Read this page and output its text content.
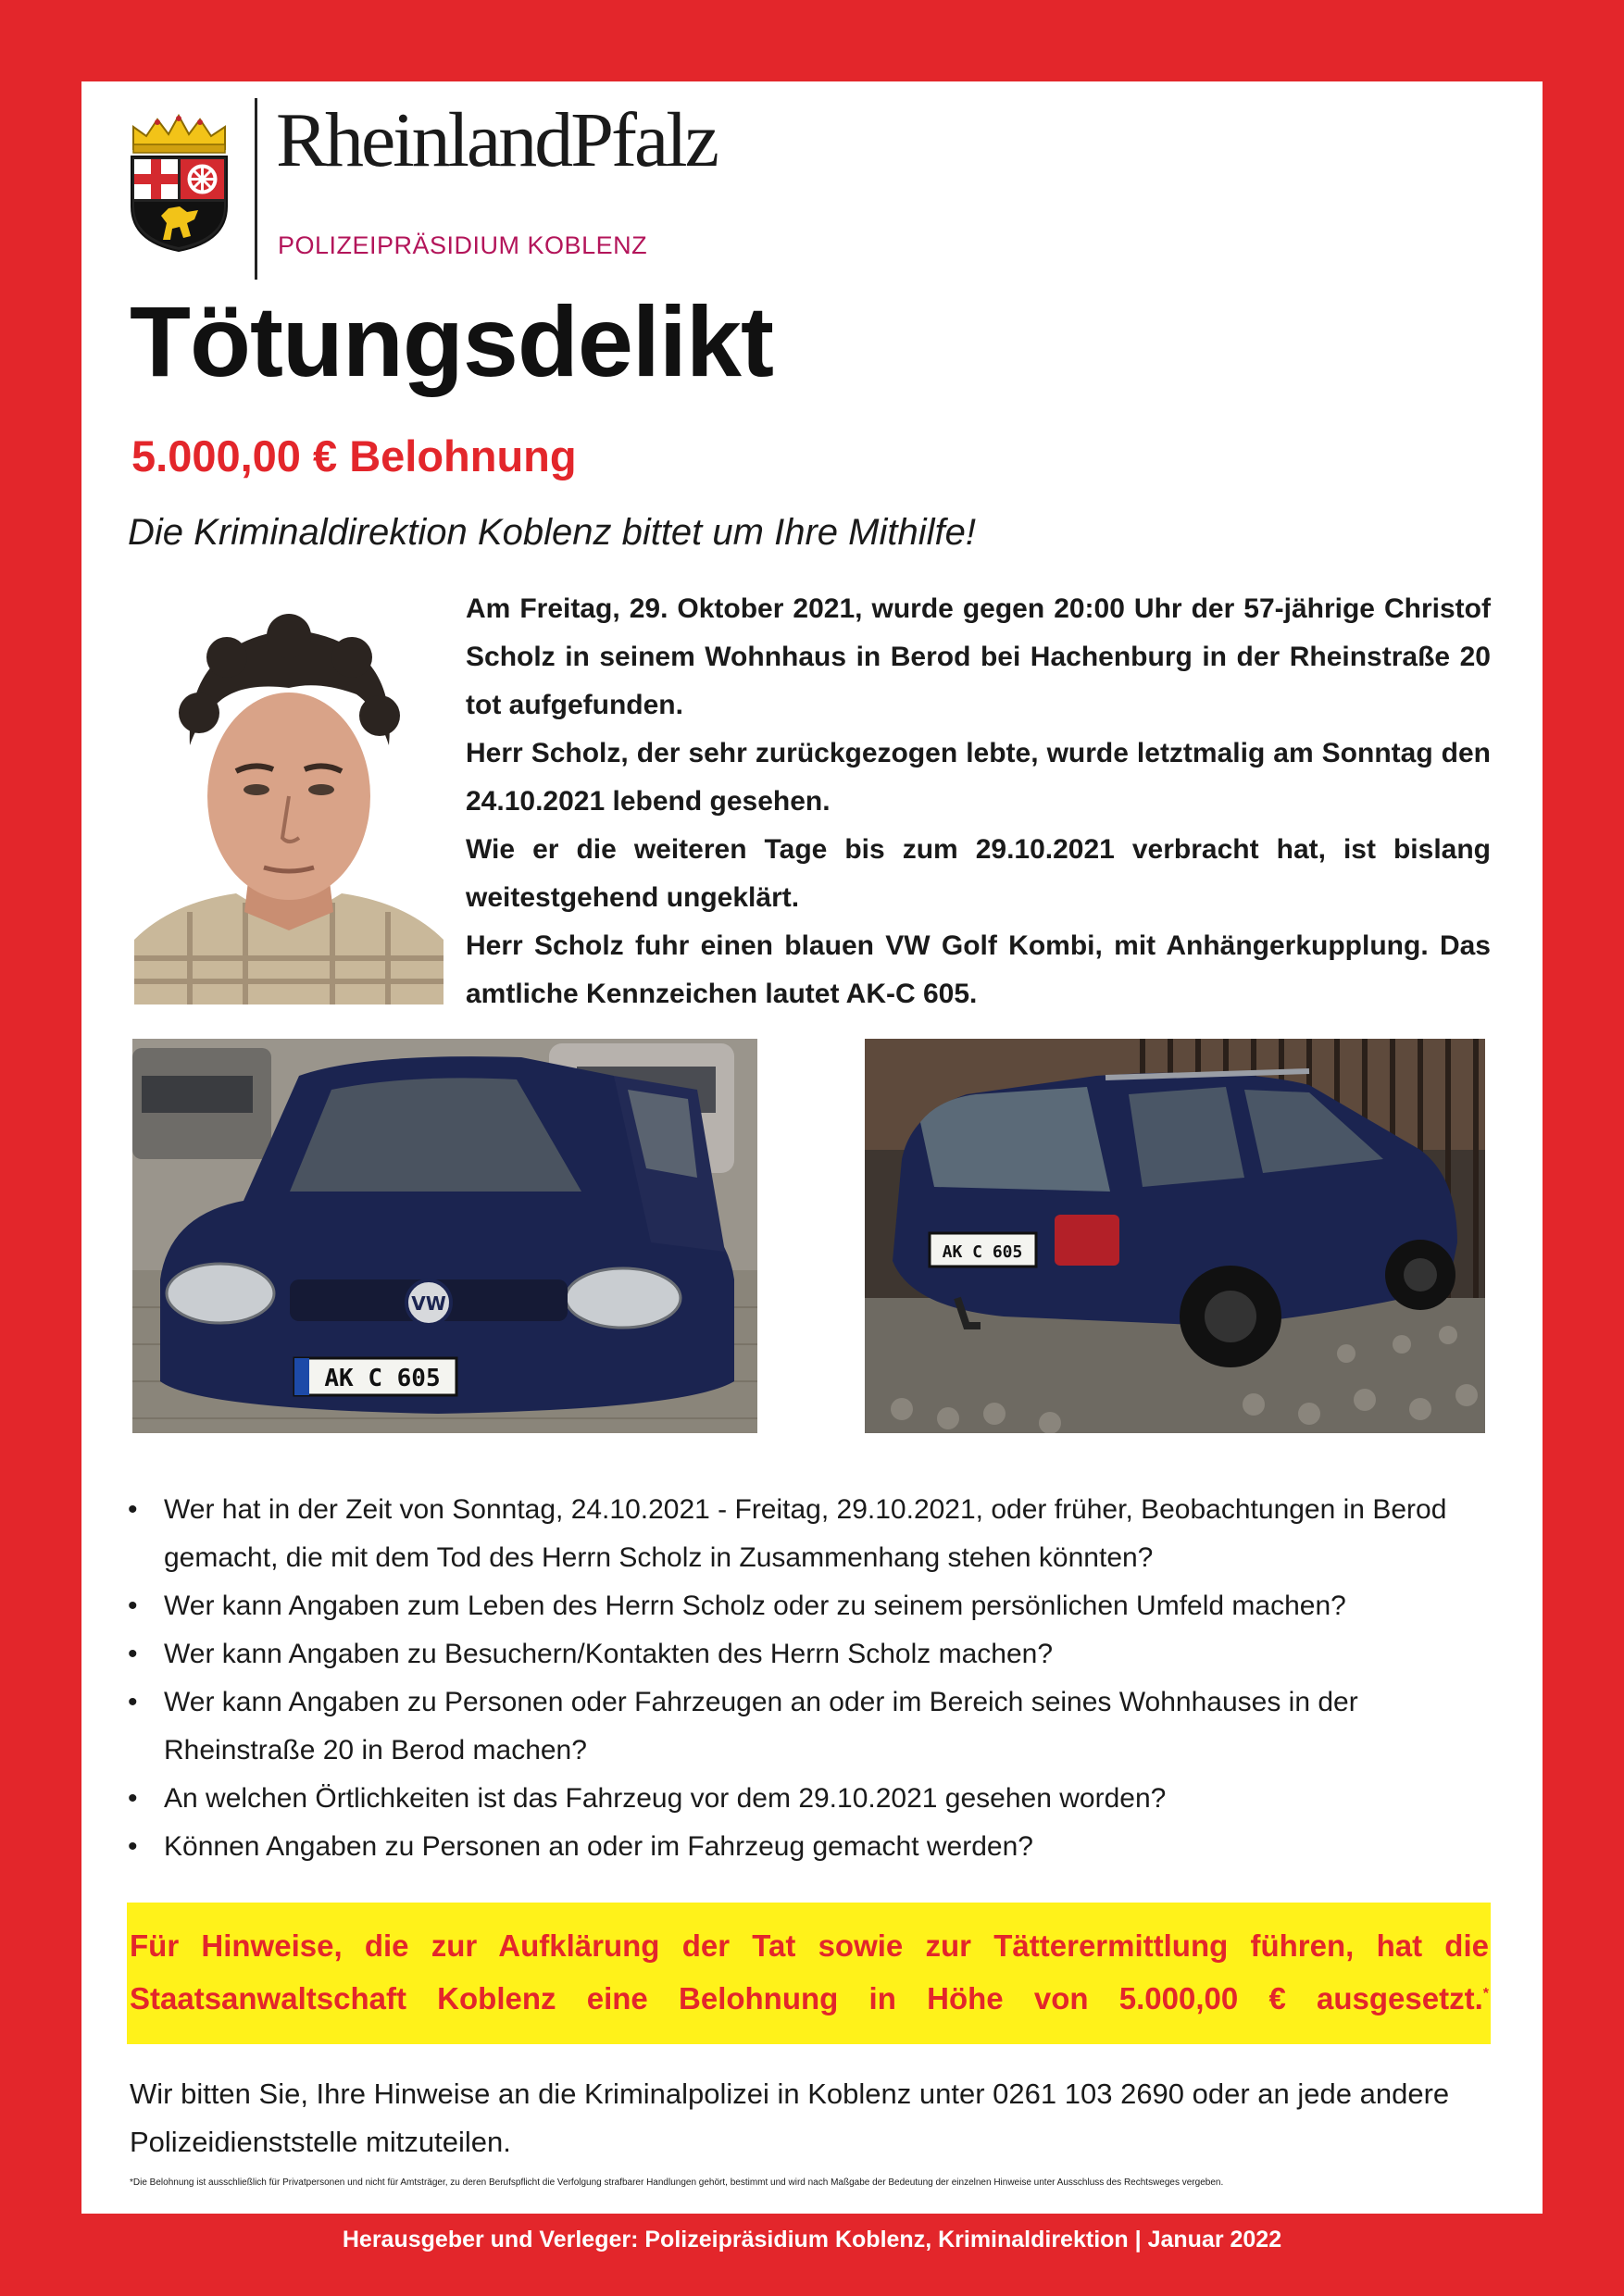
RheinlandPfalz
POLIZEIPRÄSIDIUM KOBLENZ
Tötungsdelikt
5.000,00 € Belohnung
Die Kriminaldirektion Koblenz bittet um Ihre Mithilfe!

Am Freitag, 29. Oktober 2021, wurde gegen 20:00 Uhr der 57-jährige Christof Scholz in seinem Wohnhaus in Berod bei Hachenburg in der Rheinstraße 20 tot aufgefunden.

Herr Scholz, der sehr zurückgezogen lebte, wurde letztmalig am Sonntag den 24.10.2021 lebend gesehen.

Wie er die weiteren Tage bis zum 29.10.2021 verbracht hat, ist bislang weitestgehend ungeklärt.

Herr Scholz fuhr einen blauen VW Golf Kombi, mit Anhängerkupplung. Das amtliche Kennzeichen lautet AK-C 605.

VW
AK C 605
AK C 605
• Wer hat in der Zeit von Sonntag, 24.10.2021 - Freitag, 29.10.2021, oder früher, Beobachtungen in Berod gemacht, die mit dem Tod des Herrn Scholz in Zusammenhang stehen könnten?
• Wer kann Angaben zum Leben des Herrn Scholz oder zu seinem persönlichen Umfeld machen?
• Wer kann Angaben zu Besuchern/Kontakten des Herrn Scholz machen?
• Wer kann Angaben zu Personen oder Fahrzeugen an oder im Bereich seines Wohnhauses in der Rheinstraße 20 in Berod machen?
• An welchen Örtlichkeiten ist das Fahrzeug vor dem 29.10.2021 gesehen worden?
• Können Angaben zu Personen an oder im Fahrzeug gemacht werden?

Für Hinweise, die zur Aufklärung der Tat sowie zur Tätterermittlung führen, hat die Staatsanwaltschaft Koblenz eine Belohnung in Höhe von 5.000,00 € ausgesetzt.*

Wir bitten Sie, Ihre Hinweise an die Kriminalpolizei in Koblenz unter 0261 103 2690 oder an jede andere Polizeidienststelle mitzuteilen.

*Die Belohnung ist ausschließlich für Privatpersonen und nicht für Amtsträger, zu deren Berufspflicht die Verfolgung strafbarer Handlungen gehört, bestimmt und wird nach Maßgabe der Bedeutung der einzelnen Hinweise unter Ausschluss des Rechtsweges vergeben.

Herausgeber und Verleger: Polizeipräsidium Koblenz, Kriminaldirektion | Januar 2022
